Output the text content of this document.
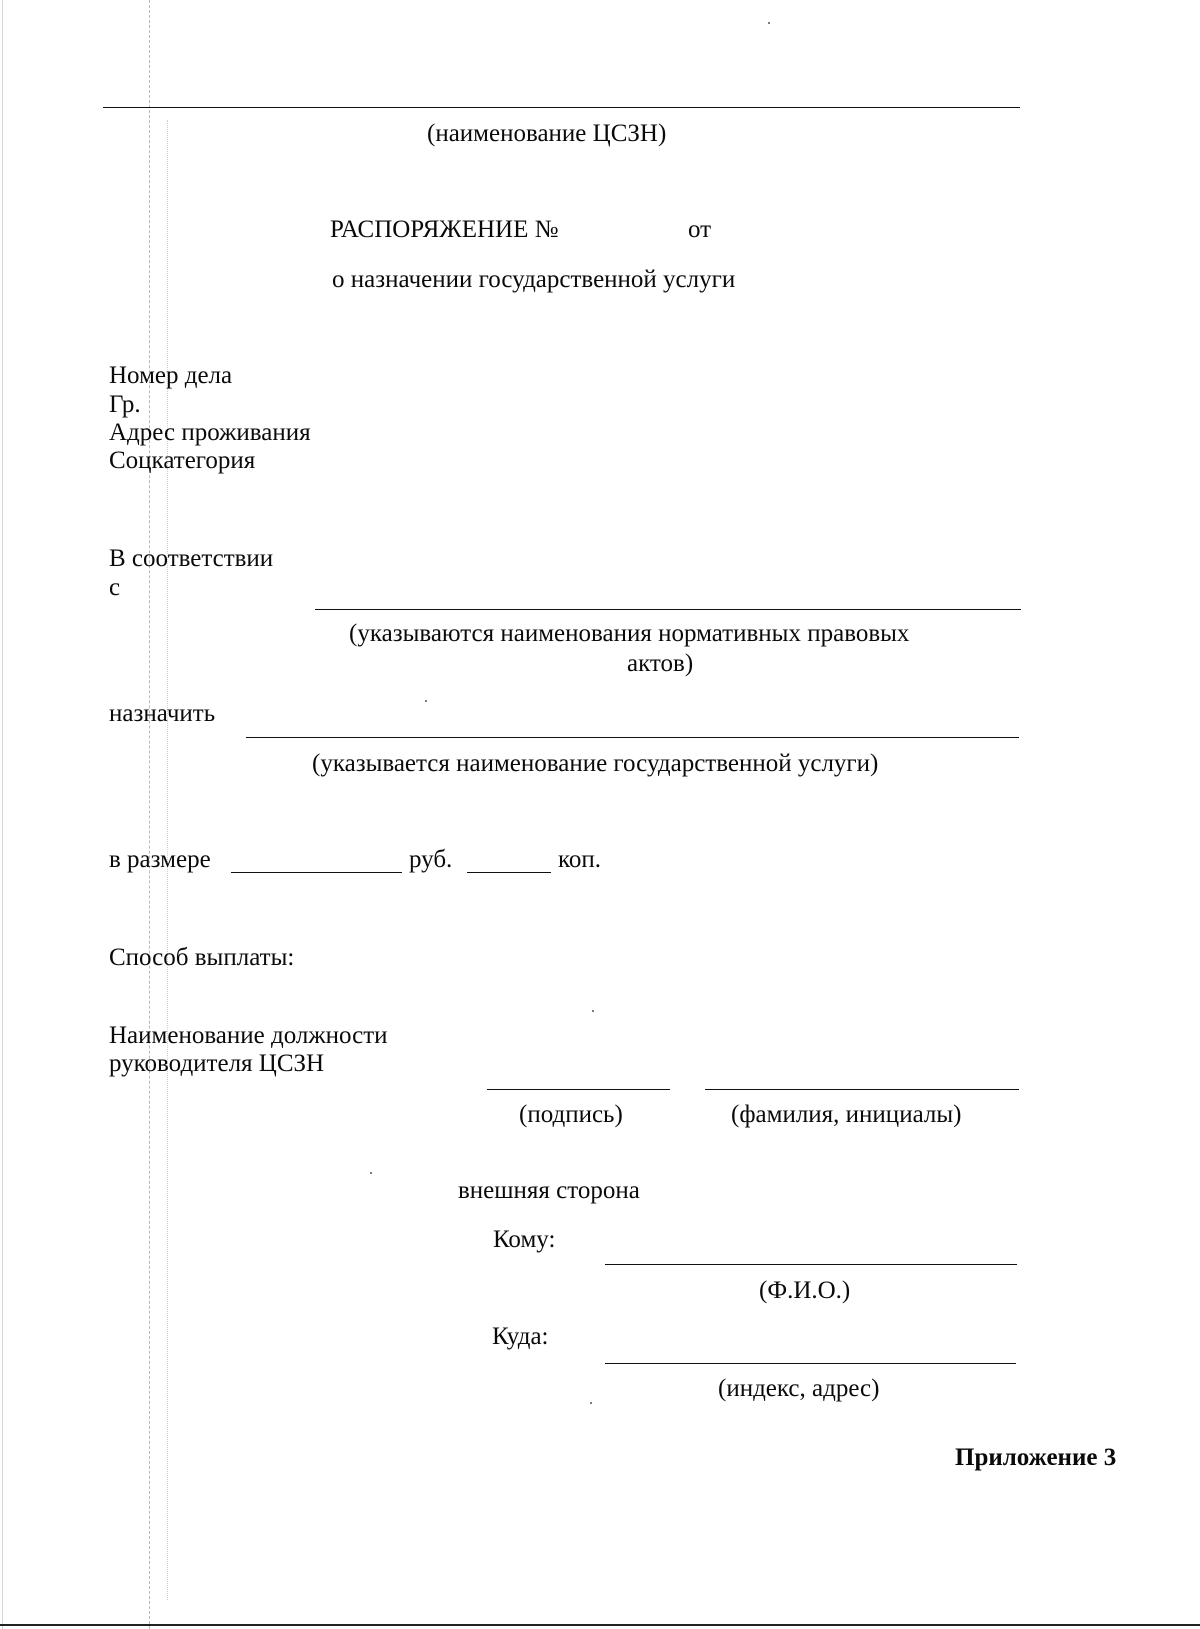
(наименование ЦСЗН)
РАСПОРЯЖЕНИЕ №	от
о назначении государственной услуги
Номер дела
Гр.
Адрес проживания
Соцкатегория
В соответствии
с
(указываются наименования нормативных правовых
актов)
назначить
(указывается наименование государственной услуги)
в размере	руб.	коп.
Способ выплаты:
Наименование должности
руководителя ЦСЗН
(подпись)	(фамилия, инициалы)
внешняя сторона
Кому:
(Ф.И.О.)
Куда:
(индекс, адрес)
Приложение 3
